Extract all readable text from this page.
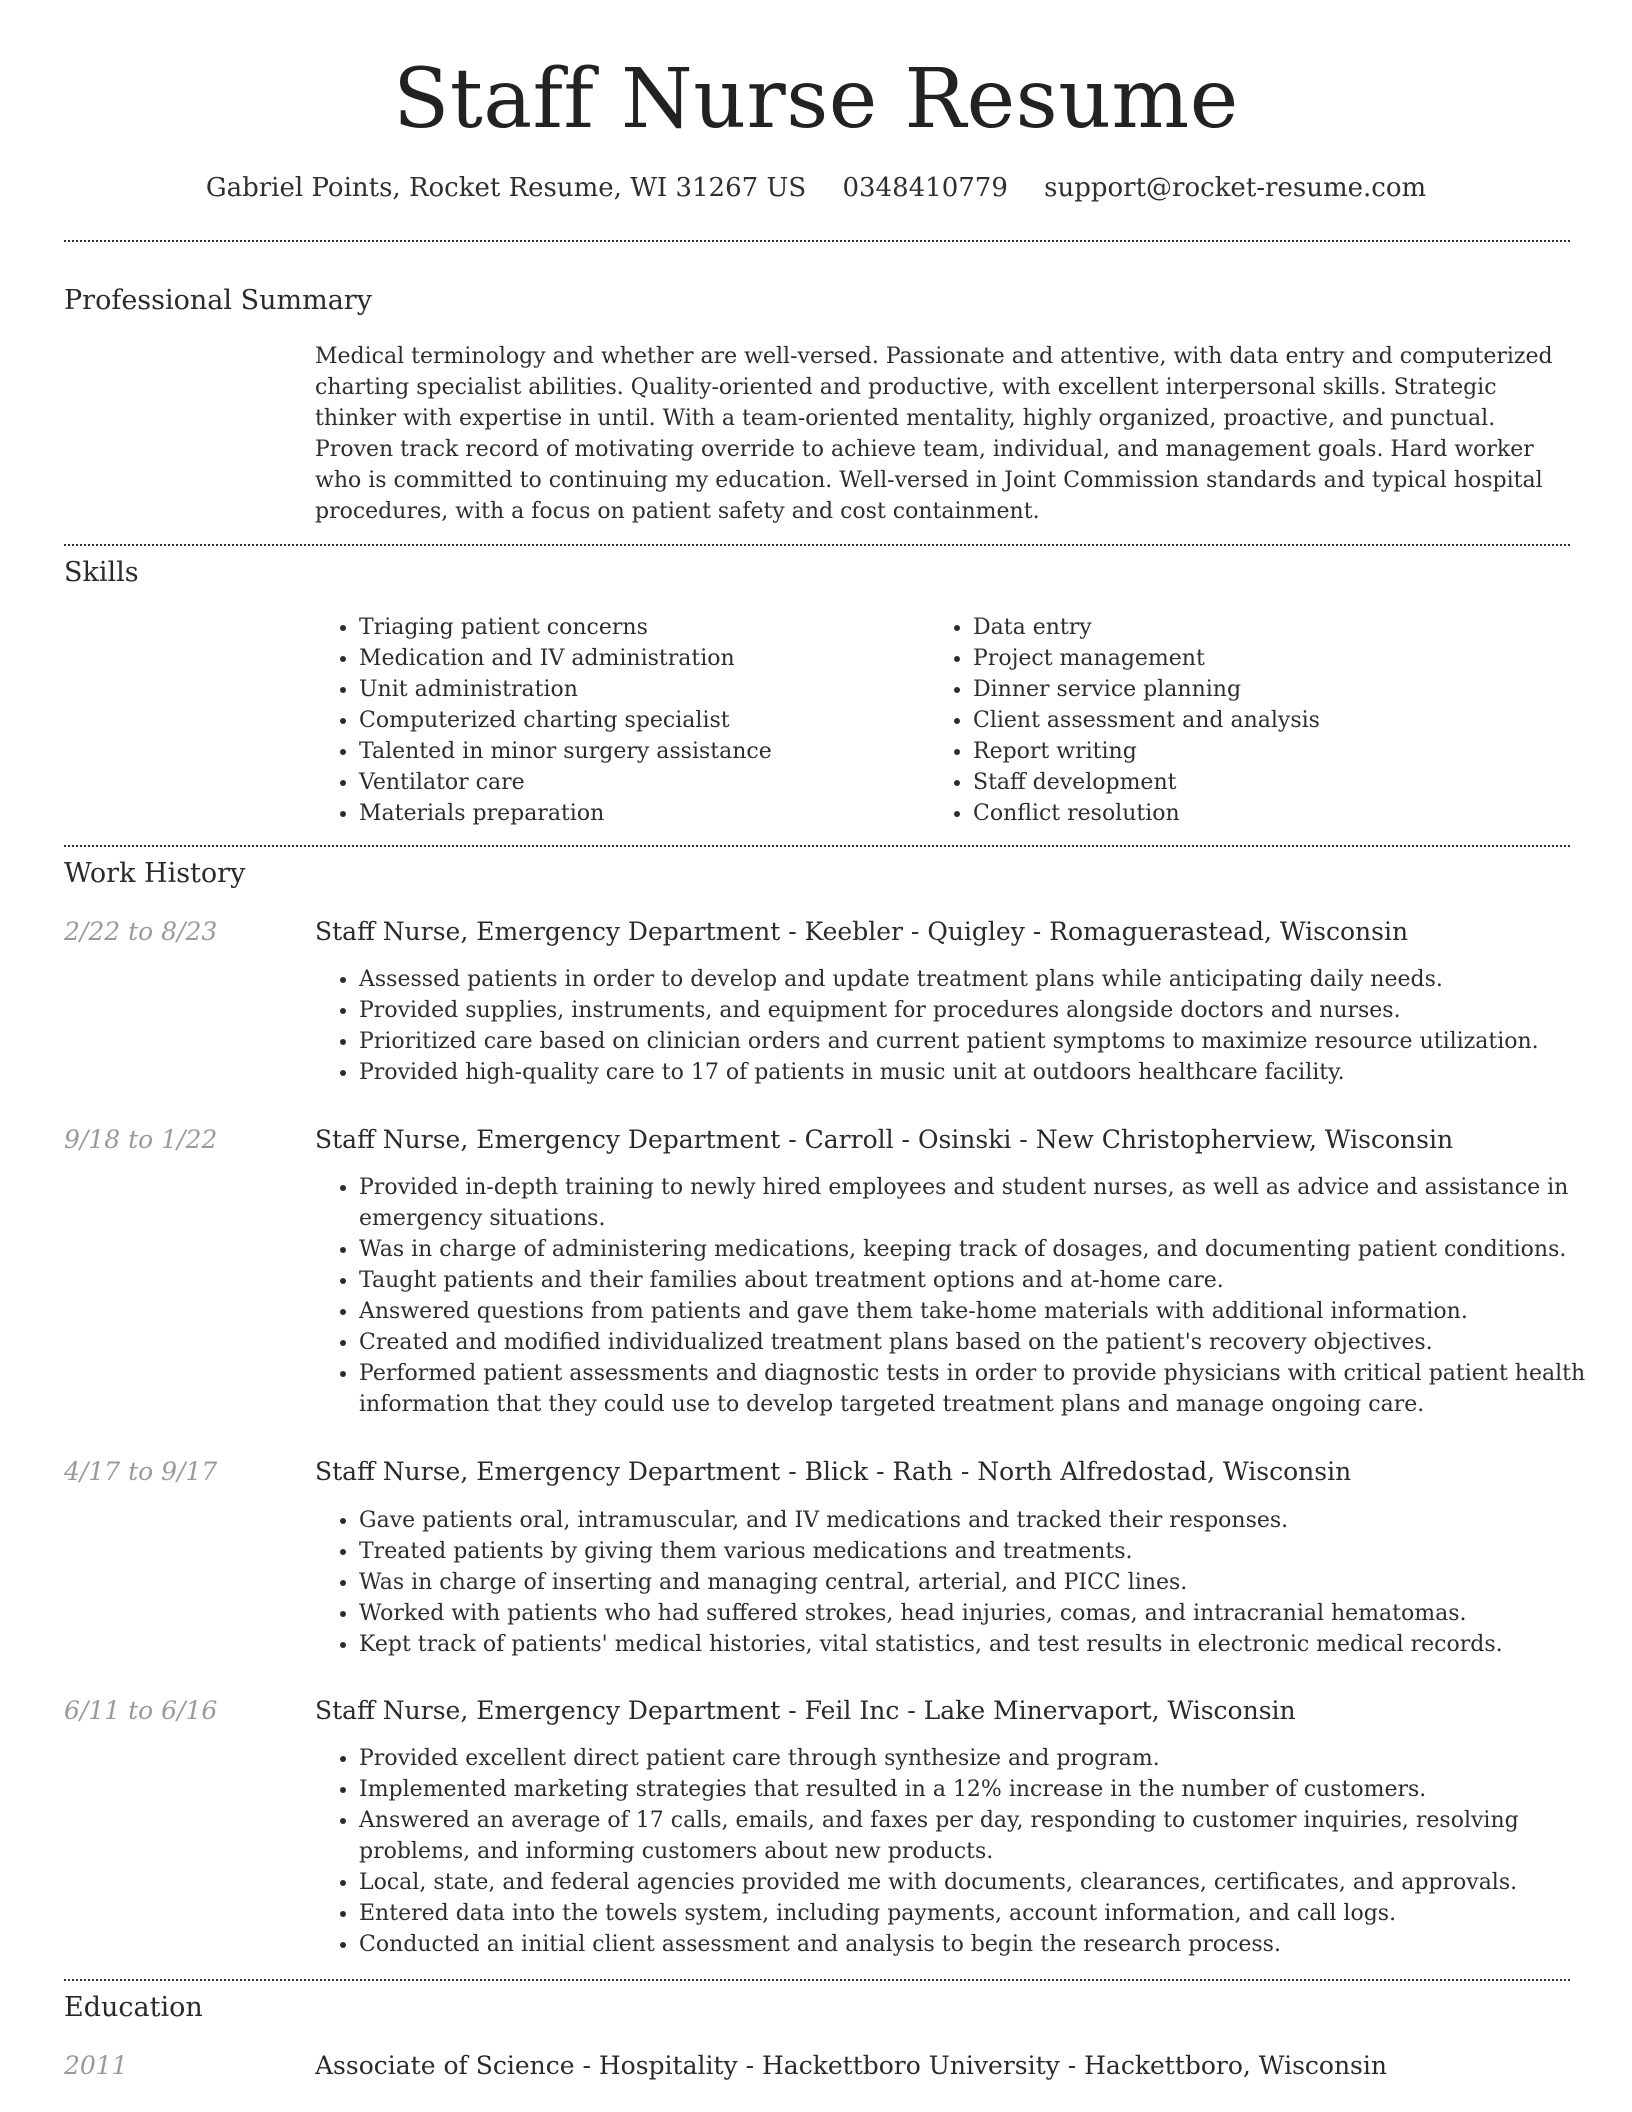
Staff Nurse Resume
Gabriel Points, Rocket Resume, WI 31267 US 0348410779 support@rocket-resume.com
Professional Summary

Medical terminology and whether are well-versed. Passionate and attentive, with data entry and computerized charting specialist abilities. Quality-oriented and productive, with excellent interpersonal skills. Strategic thinker with expertise in until. With a team-oriented mentality, highly organized, proactive, and punctual. Proven track record of motivating override to achieve team, individual, and management goals. Hard worker who is committed to continuing my education. Well-versed in Joint Commission standards and typical hospital procedures, with a focus on patient safety and cost containment.

Skills
• Triaging patient concerns
• Medication and IV administration
• Unit administration
• Computerized charting specialist
• Talented in minor surgery assistance
• Ventilator care
• Materials preparation
• Data entry
• Project management
• Dinner service planning
• Client assessment and analysis
• Report writing
• Staff development
• Conflict resolution
Work History
2/22 to 8/23	Staff Nurse, Emergency Department - Keebler - Quigley - Romaguerastead, Wisconsin
• Assessed patients in order to develop and update treatment plans while anticipating daily needs.
• Provided supplies, instruments, and equipment for procedures alongside doctors and nurses.
• Prioritized care based on clinician orders and current patient symptoms to maximize resource utilization.
• Provided high-quality care to 17 of patients in music unit at outdoors healthcare facility.
9/18 to 1/22	Staff Nurse, Emergency Department - Carroll - Osinski - New Christopherview, Wisconsin
• Provided in-depth training to newly hired employees and student nurses, as well as advice and assistance in emergency situations.
• Was in charge of administering medications, keeping track of dosages, and documenting patient conditions.
• Taught patients and their families about treatment options and at-home care.
• Answered questions from patients and gave them take-home materials with additional information.
• Created and modified individualized treatment plans based on the patient's recovery objectives.
• Performed patient assessments and diagnostic tests in order to provide physicians with critical patient health information that they could use to develop targeted treatment plans and manage ongoing care.
4/17 to 9/17	Staff Nurse, Emergency Department - Blick - Rath - North Alfredostad, Wisconsin
• Gave patients oral, intramuscular, and IV medications and tracked their responses.
• Treated patients by giving them various medications and treatments.
• Was in charge of inserting and managing central, arterial, and PICC lines.
• Worked with patients who had suffered strokes, head injuries, comas, and intracranial hematomas.
• Kept track of patients' medical histories, vital statistics, and test results in electronic medical records.
6/11 to 6/16	Staff Nurse, Emergency Department - Feil Inc - Lake Minervaport, Wisconsin
• Provided excellent direct patient care through synthesize and program.
• Implemented marketing strategies that resulted in a 12% increase in the number of customers.
• Answered an average of 17 calls, emails, and faxes per day, responding to customer inquiries, resolving problems, and informing customers about new products.
• Local, state, and federal agencies provided me with documents, clearances, certificates, and approvals.
• Entered data into the towels system, including payments, account information, and call logs.
• Conducted an initial client assessment and analysis to begin the research process.
Education
2011	Associate of Science - Hospitality - Hackettboro University - Hackettboro, Wisconsin
